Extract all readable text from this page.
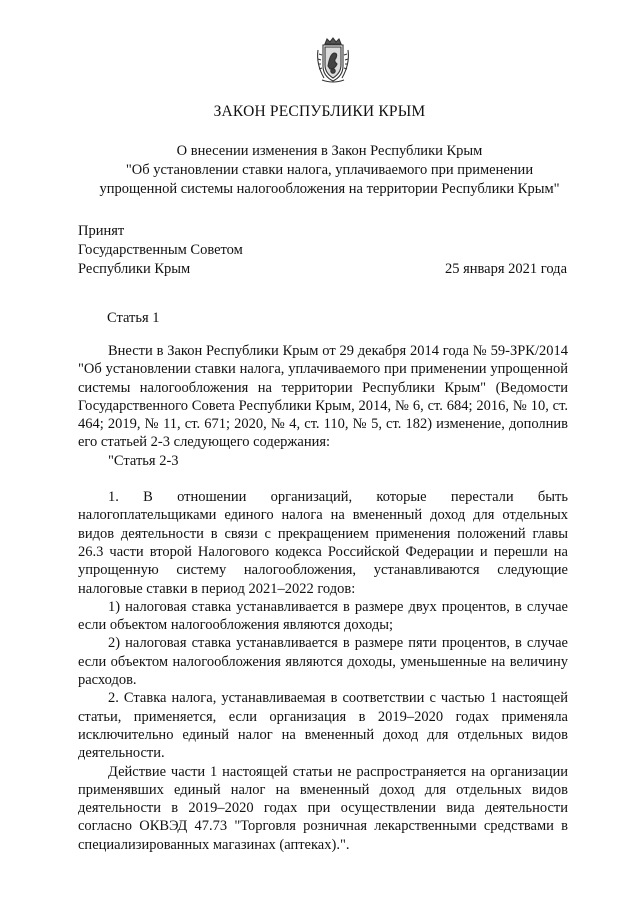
ЗАКОН РЕСПУБЛИКИ КРЫМ
О внесении изменения в Закон Республики Крым
"Об установлении ставки налога, уплачиваемого при применении
упрощенной системы налогообложения на территории Республики Крым"
Принят
Государственным Советом
Республики Крым	25 января 2021 года
Статья 1

Внести в Закон Республики Крым от 29 декабря 2014 года № 59-ЗРК/2014 "Об установлении ставки налога, уплачиваемого при применении упрощенной системы налогообложения на территории Республики Крым" (Ведомости Государственного Совета Республики Крым, 2014, № 6, ст. 684; 2016, № 10, ст. 464; 2019, № 11, ст. 671; 2020, № 4, ст. 110, № 5, ст. 182) изменение, дополнив его статьей 2-3 следующего содержания:

"Статья 2-3

1. В отношении организаций, которые перестали быть налогоплательщиками единого налога на вмененный доход для отдельных видов деятельности в связи с прекращением применения положений главы 26.3 части второй Налогового кодекса Российской Федерации и перешли на упрощенную систему налогообложения, устанавливаются следующие налоговые ставки в период 2021–2022 годов:

1) налоговая ставка устанавливается в размере двух процентов, в случае если объектом налогообложения являются доходы;

2) налоговая ставка устанавливается в размере пяти процентов, в случае если объектом налогообложения являются доходы, уменьшенные на величину расходов.

2. Ставка налога, устанавливаемая в соответствии с частью 1 настоящей статьи, применяется, если организация в 2019–2020 годах применяла исключительно единый налог на вмененный доход для отдельных видов деятельности.

Действие части 1 настоящей статьи не распространяется на организации применявших единый налог на вмененный доход для отдельных видов деятельности в 2019–2020 годах при осуществлении вида деятельности согласно ОКВЭД 47.73 "Торговля розничная лекарственными средствами в специализированных магазинах (аптеках).".
